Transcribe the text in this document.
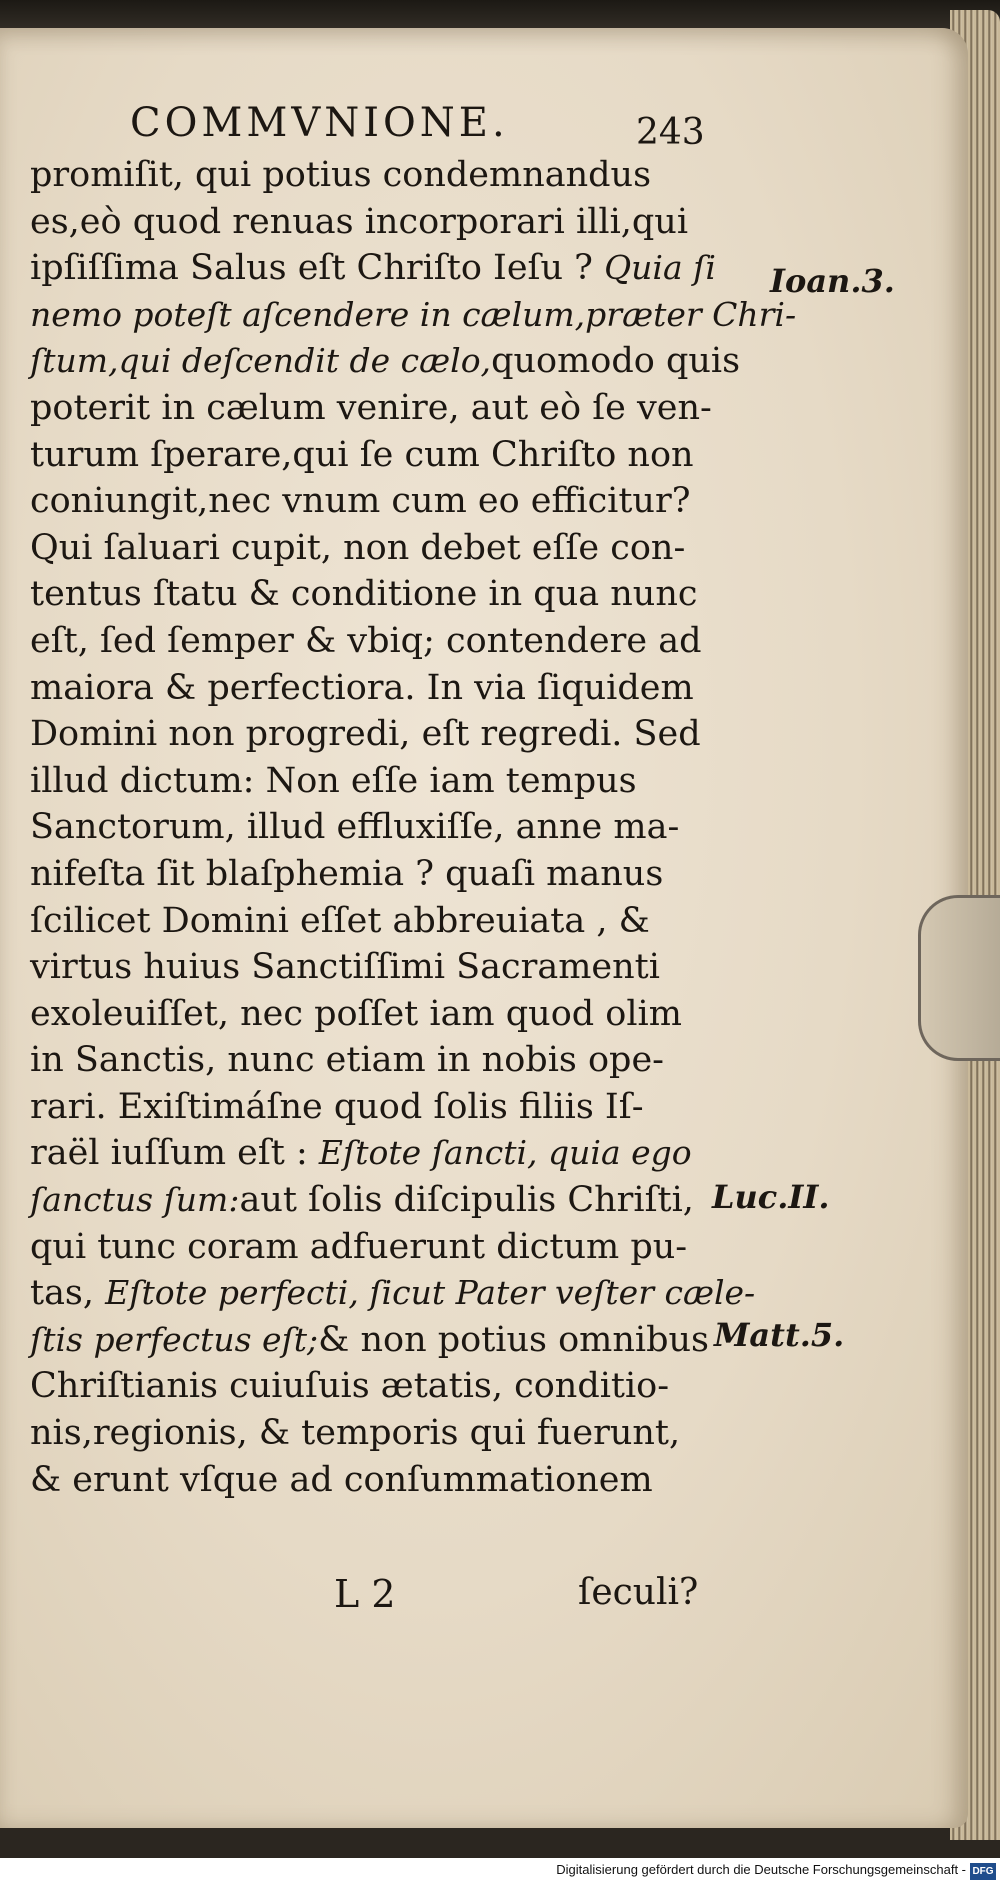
COMMVNIONE.	243
promiſit, qui potius condemnandus
es,eò quod renuas incorporari illi,qui
ipſiſſima Salus eſt Chriſto Ieſu ? Quia ſi
nemo poteſt aſcendere in cælum,præter Chri-
ſtum,qui deſcendit de cælo,quomodo quis
poterit in cælum venire, aut eò ſe ven-
turum ſperare,qui ſe cum Chriſto non
coniungit,nec vnum cum eo efficitur?
Qui ſaluari cupit, non debet eſſe con-
tentus ſtatu & conditione in qua nunc
eſt, ſed ſemper & vbiq; contendere ad
maiora & perfectiora. In via ſiquidem
Domini non progredi, eſt regredi. Sed
illud dictum: Non eſſe iam tempus
Sanctorum, illud effluxiſſe, anne ma-
nifeſta ſit blaſphemia ? quaſi manus
ſcilicet Domini eſſet abbreuiata , &
virtus huius Sanctiſſimi Sacramenti
exoleuiſſet, nec poſſet iam quod olim
in Sanctis, nunc etiam in nobis ope-
rari. Exiſtimáſne quod ſolis filiis Iſ-
raël iuſſum eſt : Eſtote ſancti, quia ego
ſanctus ſum:aut ſolis diſcipulis Chriſti,
qui tunc coram adfuerunt dictum pu-
tas, Eſtote perfecti, ſicut Pater veſter cæle-
ſtis perfectus eſt;& non potius omnibus
Chriſtianis cuiuſuis ætatis, conditio-
nis,regionis, & temporis qui fuerunt,
& erunt vſque ad conſummationem
Ioan.3.
Luc.II.
Matt.5.
L 2	ſeculi?
Digitalisierung gefördert durch die Deutsche Forschungsgemeinschaft - DFG
